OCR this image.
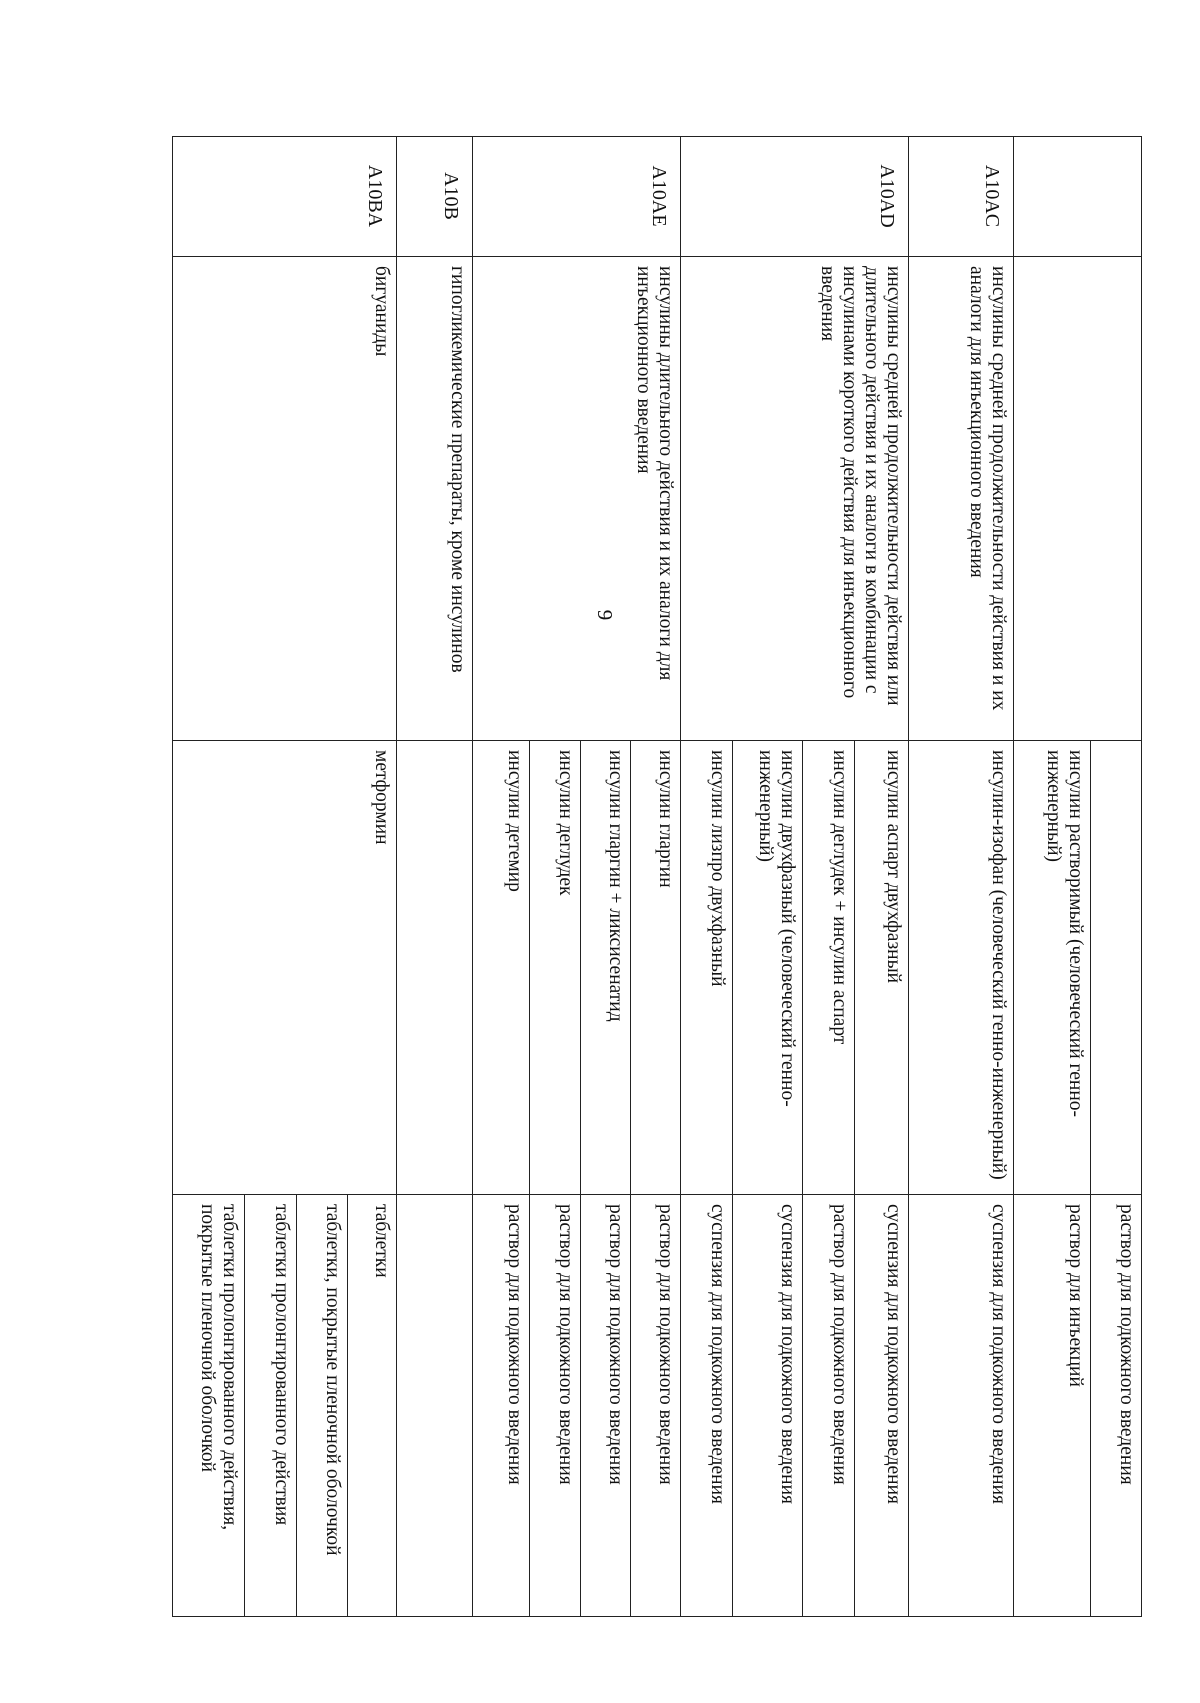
9
			раствор для подкожного введения
		инсулин растворимый (человеческий генно-инженерный)	раствор для инъекций
A10AC	инсулины средней продолжительности действия и их аналоги для инъекционного введения	инсулин-изофан (человеческий генно-инженерный)	суспензия для подкожного введения
A10AD	инсулины средней продолжительности действия или длительного действия и их аналоги в комбинации с инсулинами короткого действия для инъекционного введения	инсулин аспарт двухфазный	суспензия для подкожного введения
		инсулин деглудек + инсулин аспарт	раствор для подкожного введения
		инсулин двухфазный (человеческий генно-инженерный)	суспензия для подкожного введения
		инсулин лизпро двухфазный	суспензия для подкожного введения
A10AE	инсулины длительного действия и их аналоги для инъекционного введения	инсулин гларгин	раствор для подкожного введения
		инсулин гларгин + ликсисенатид	раствор для подкожного введения
		инсулин деглудек	раствор для подкожного введения
		инсулин детемир	раствор для подкожного введения
A10B	гипогликемические препараты, кроме инсулинов		
A10BA	бигуаниды	метформин	таблетки
			таблетки, покрытые пленочной оболочкой
			таблетки пролонгированного действия
			таблетки пролонгированного действия, покрытые пленочной оболочкой
